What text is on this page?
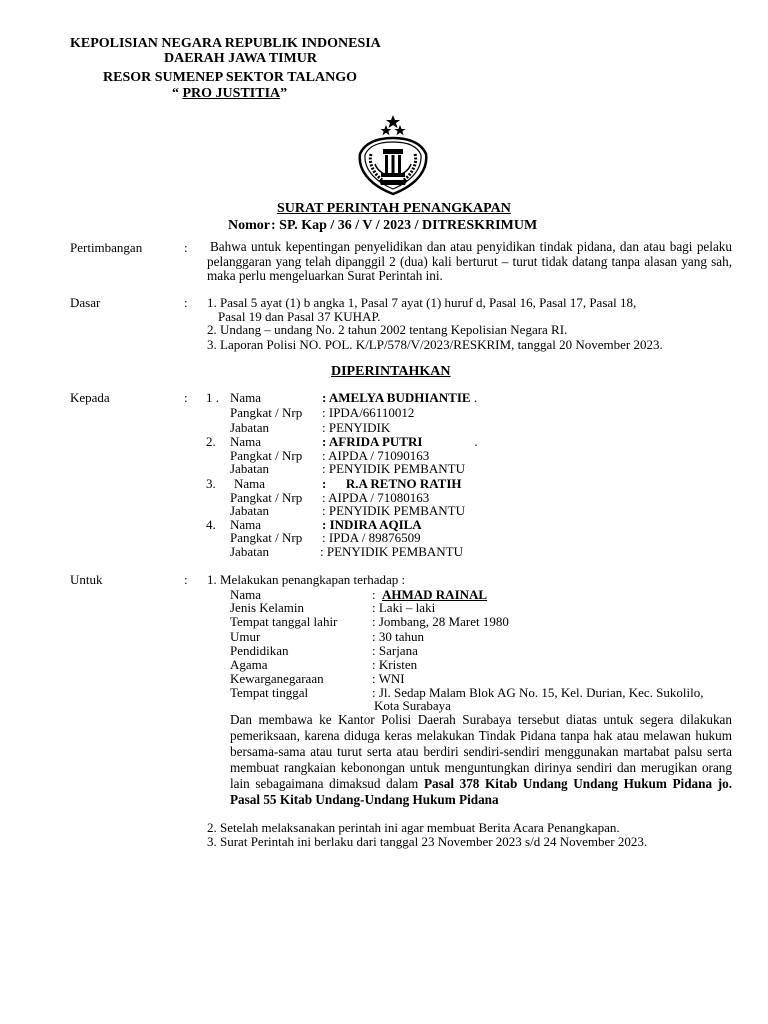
KEPOLISIAN NEGARA REPUBLIK INDONESIA
DAERAH JAWA TIMUR
RESOR SUMENEP SEKTOR TALANGO
“ PRO JUSTITIA”
SURAT PERINTAH PENANGKAPAN
Nomor : SP. Kap / 36 / V / 2023 / DITRESKRIMUM
Pertimbangan	: Bahwa untuk kepentingan penyelidikan dan atau penyidikan tindak pidana, dan atau bagi pelaku pelanggaran yang telah dipanggil 2 (dua) kali berturut – turut tidak datang tanpa alasan yang sah, maka perlu mengeluarkan Surat Perintah ini.
Dasar	: 1. Pasal 5 ayat (1) b angka 1, Pasal 7 ayat (1) huruf d, Pasal 16, Pasal 17, Pasal 18,
Pasal 19 dan Pasal 37 KUHAP.
2. Undang – undang No. 2 tahun 2002 tentang Kepolisian Negara RI.
3. Laporan Polisi NO. POL. K/LP/578/V/2023/RESKRIM, tanggal 20 November 2023.
DIPERINTAHKAN
Kepada	: 1 . Nama	: AMELYA BUDHIANTIE .
Pangkat / Nrp : IPDA/66110012
Jabatan	: PENYIDIK
2. Nama	: AFRIDA PUTRI	.
Pangkat / Nrp : AIPDA / 71090163
Jabatan	: PENYIDIK PEMBANTU
3. Nama	:      R.A RETNO RATIH
Pangkat / Nrp : AIPDA / 71080163
Jabatan	: PENYIDIK PEMBANTU
4. Nama	: INDIRA AQILA
Pangkat / Nrp : IPDA / 89876509
Jabatan	: PENYIDIK PEMBANTU
Untuk	: 1. Melakukan penangkapan terhadap :
Nama	: AHMAD RAINAL
Jenis Kelamin	: Laki – laki
Tempat tanggal lahir	: Jombang, 28 Maret 1980
Umur	: 30 tahun
Pendidikan	: Sarjana
Agama	: Kristen
Kewarganegaraan	: WNI
Tempat tinggal	: Jl. Sedap Malam Blok AG No. 15, Kel. Durian, Kec. Sukolilo,
Kota Surabaya
Dan membawa ke Kantor Polisi Daerah Surabaya tersebut diatas untuk segera dilakukan pemeriksaan, karena diduga keras melakukan Tindak Pidana tanpa hak atau melawan hukum bersama-sama atau turut serta atau berdiri sendiri-sendiri menggunakan martabat palsu serta membuat rangkaian kebonongan untuk menguntungkan dirinya sendiri dan merugikan orang lain sebagaimana dimaksud dalam Pasal 378 Kitab Undang Undang Hukum Pidana jo. Pasal 55 Kitab Undang-Undang Hukum Pidana
2. Setelah melaksanakan perintah ini agar membuat Berita Acara Penangkapan.
3. Surat Perintah ini berlaku dari tanggal 23 November 2023 s/d 24 November 2023.
